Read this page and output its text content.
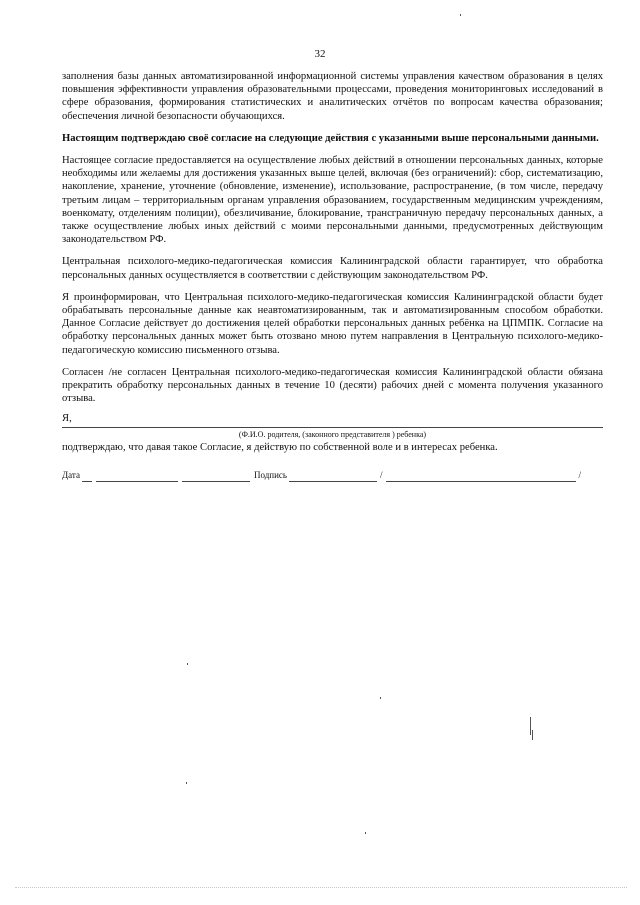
32

заполнения базы данных автоматизированной информационной системы управления качеством образования в целях повышения эффективности управления образовательными процессами, проведения мониторинговых исследований в сфере образования, формирования статистических и аналитических отчётов по вопросам качества образования; обеспечения личной безопасности обучающихся.

Настоящим подтверждаю своё согласие на следующие действия с указанными выше персональными данными.

Настоящее согласие предоставляется на осуществление любых действий в отношении персональных данных, которые необходимы или желаемы для достижения указанных выше целей, включая (без ограничений): сбор, систематизацию, накопление, хранение, уточнение (обновление, изменение), использование, распространение, (в том числе, передачу третьим лицам – территориальным органам управления образованием, государственным медицинским учреждениям, военкомату, отделениям полиции), обезличивание, блокирование, трансграничную передачу персональных данных, а также осуществление любых иных действий с моими персональными данными, предусмотренных действующим законодательством РФ.

Центральная психолого-медико-педагогическая комиссия Калининградской области гарантирует, что обработка персональных данных осуществляется в соответствии с действующим законодательством РФ.

Я проинформирован, что Центральная психолого-медико-педагогическая комиссия Калининградской области будет обрабатывать персональные данные как неавтоматизированным, так и автоматизированным способом обработки. Данное Согласие действует до достижения целей обработки персональных данных ребёнка на ЦПМПК. Согласие на обработку персональных данных может быть отозвано мною путем направления в Центральную психолого-медико-педагогическую комиссию письменного отзыва.

Согласен /не согласен Центральная психолого-медико-педагогическая комиссия Калининградской области обязана прекратить обработку персональных данных в течение 10 (десяти) рабочих дней с момента получения указанного отзыва.

Я,
(Ф.И.О. родителя, (законного представителя ) ребенка)
подтверждаю, что давая такое Согласие, я действую по собственной воле и в интересах ребенка.
Дата	Подпись	/	/
